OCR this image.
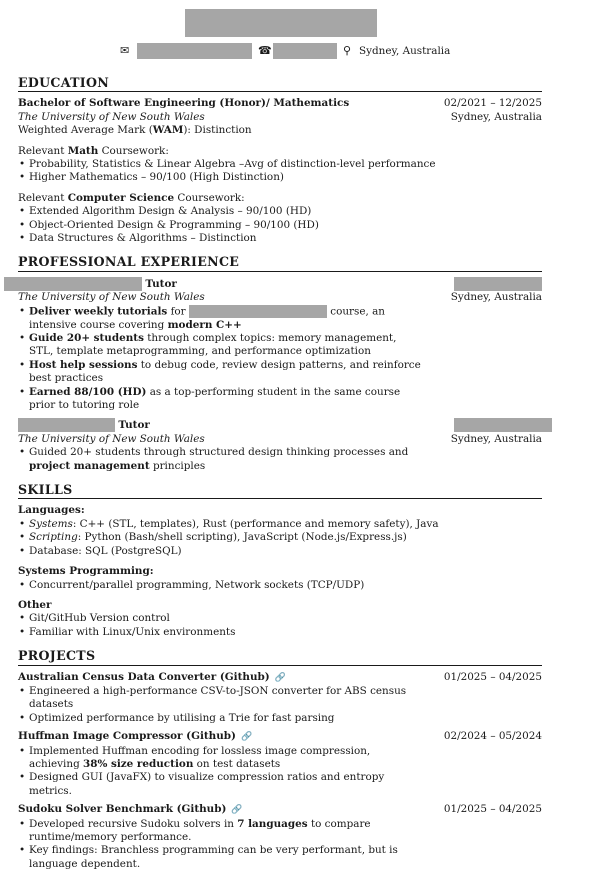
✉	☎	⚲ Sydney, Australia
EDUCATION
Bachelor of Software Engineering (Honor)/ Mathematics	02/2021 – 12/2025
The University of New South Wales	Sydney, Australia
Weighted Average Mark (WAM): Distinction
Relevant Math Coursework:
• Probability, Statistics & Linear Algebra –Avg of distinction-level performance
• Higher Mathematics – 90/100 (High Distinction)
Relevant Computer Science Coursework:
• Extended Algorithm Design & Analysis – 90/100 (HD)
• Object-Oriented Design & Programming – 90/100 (HD)
• Data Structures & Algorithms – Distinction
PROFESSIONAL EXPERIENCE
Tutor
The University of New South Wales	Sydney, Australia
• Deliver weekly tutorials for	course, an intensive course covering modern C++
• Guide 20+ students through complex topics: memory management, STL, template metaprogramming, and performance optimization
• Host help sessions to debug code, review design patterns, and reinforce best practices
• Earned 88/100 (HD) as a top-performing student in the same course prior to tutoring role
Tutor
The University of New South Wales	Sydney, Australia
• Guided 20+ students through structured design thinking processes and project management principles
SKILLS
Languages:
• Systems: C++ (STL, templates), Rust (performance and memory safety), Java
• Scripting: Python (Bash/shell scripting), JavaScript (Node.js/Express.js)
• Database: SQL (PostgreSQL)
Systems Programming:
• Concurrent/parallel programming, Network sockets (TCP/UDP)
Other
• Git/GitHub Version control
• Familiar with Linux/Unix environments
PROJECTS
Australian Census Data Converter (Github) 🔗	01/2025 – 04/2025
• Engineered a high-performance CSV-to-JSON converter for ABS census datasets
• Optimized performance by utilising a Trie for fast parsing
Huffman Image Compressor (Github) 🔗	02/2024 – 05/2024
• Implemented Huffman encoding for lossless image compression, achieving 38% size reduction on test datasets
• Designed GUI (JavaFX) to visualize compression ratios and entropy metrics.
Sudoku Solver Benchmark (Github) 🔗	01/2025 – 04/2025
• Developed recursive Sudoku solvers in 7 languages to compare runtime/memory performance.
• Key findings: Branchless programming can be very performant, but is language dependent.
